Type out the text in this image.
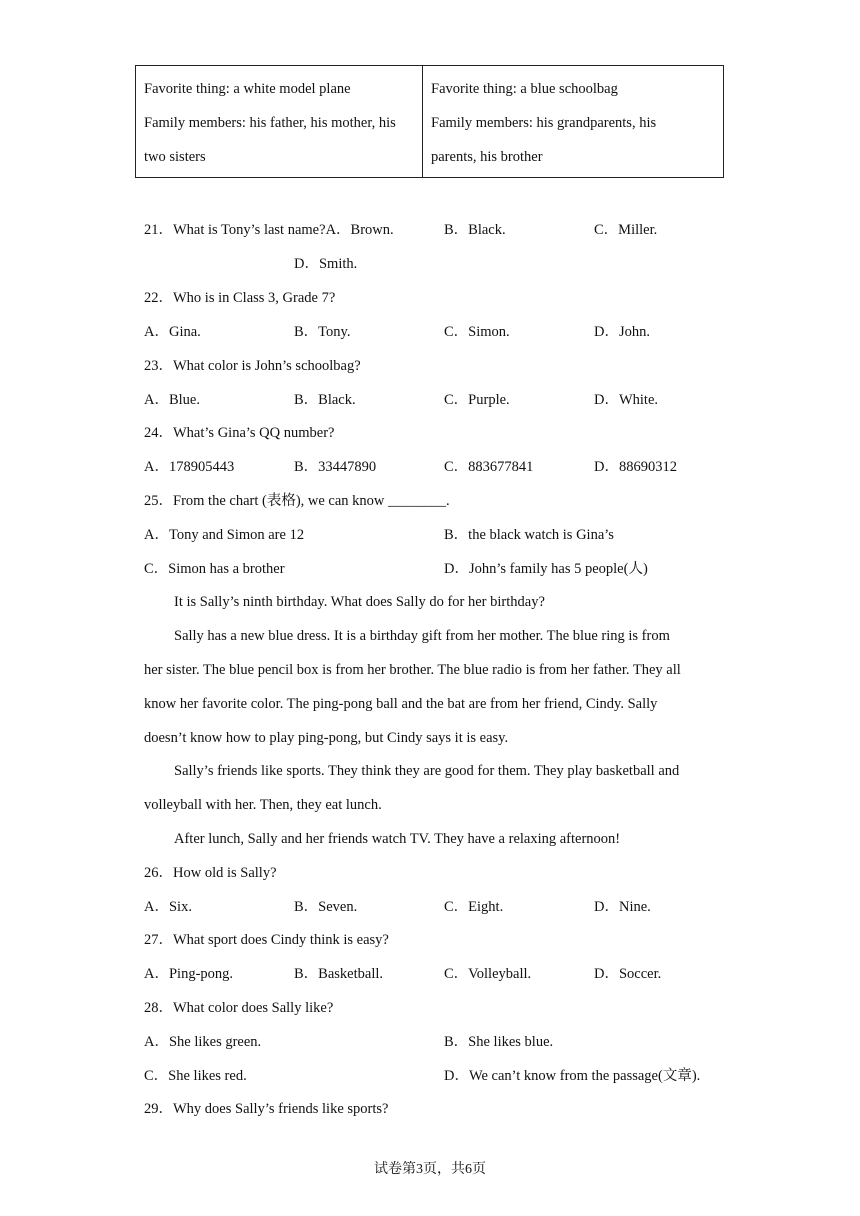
Favorite thing: a white model plane
Family members: his father, his mother, his
two sisters
Favorite thing: a blue schoolbag
Family members: his grandparents, his
parents, his brother
21．What is Tony’s last name?A．Brown.	B．Black.	C．Miller.
D．Smith.
22．Who is in Class 3, Grade 7?
A．Gina.	B．Tony.	C．Simon.	D．John.
23．What color is John’s schoolbag?
A．Blue.	B．Black.	C．Purple.	D．White.
24．What’s Gina’s QQ number?
A．178905443	B．33447890	C．883677841	D．88690312
25．From the chart (表格), we can know ________.
A．Tony and Simon are 12	B．the black watch is Gina’s
C．Simon has a brother	D．John’s family has 5 people(人)
It is Sally’s ninth birthday. What does Sally do for her birthday?
Sally has a new blue dress. It is a birthday gift from her mother. The blue ring is from
her sister. The blue pencil box is from her brother. The blue radio is from her father. They all
know her favorite color. The ping-pong ball and the bat are from her friend, Cindy. Sally
doesn’t know how to play ping-pong, but Cindy says it is easy.
Sally’s friends like sports. They think they are good for them. They play basketball and
volleyball with her. Then, they eat lunch.
After lunch, Sally and her friends watch TV. They have a relaxing afternoon!
26．How old is Sally?
A．Six.	B．Seven.	C．Eight.	D．Nine.
27．What sport does Cindy think is easy?
A．Ping-pong.	B．Basketball.	C．Volleyball.	D．Soccer.
28．What color does Sally like?
A．She likes green.	B．She likes blue.
C．She likes red.	D．We can’t know from the passage(文章).
29．Why does Sally’s friends like sports?
试卷第3页，共6页
